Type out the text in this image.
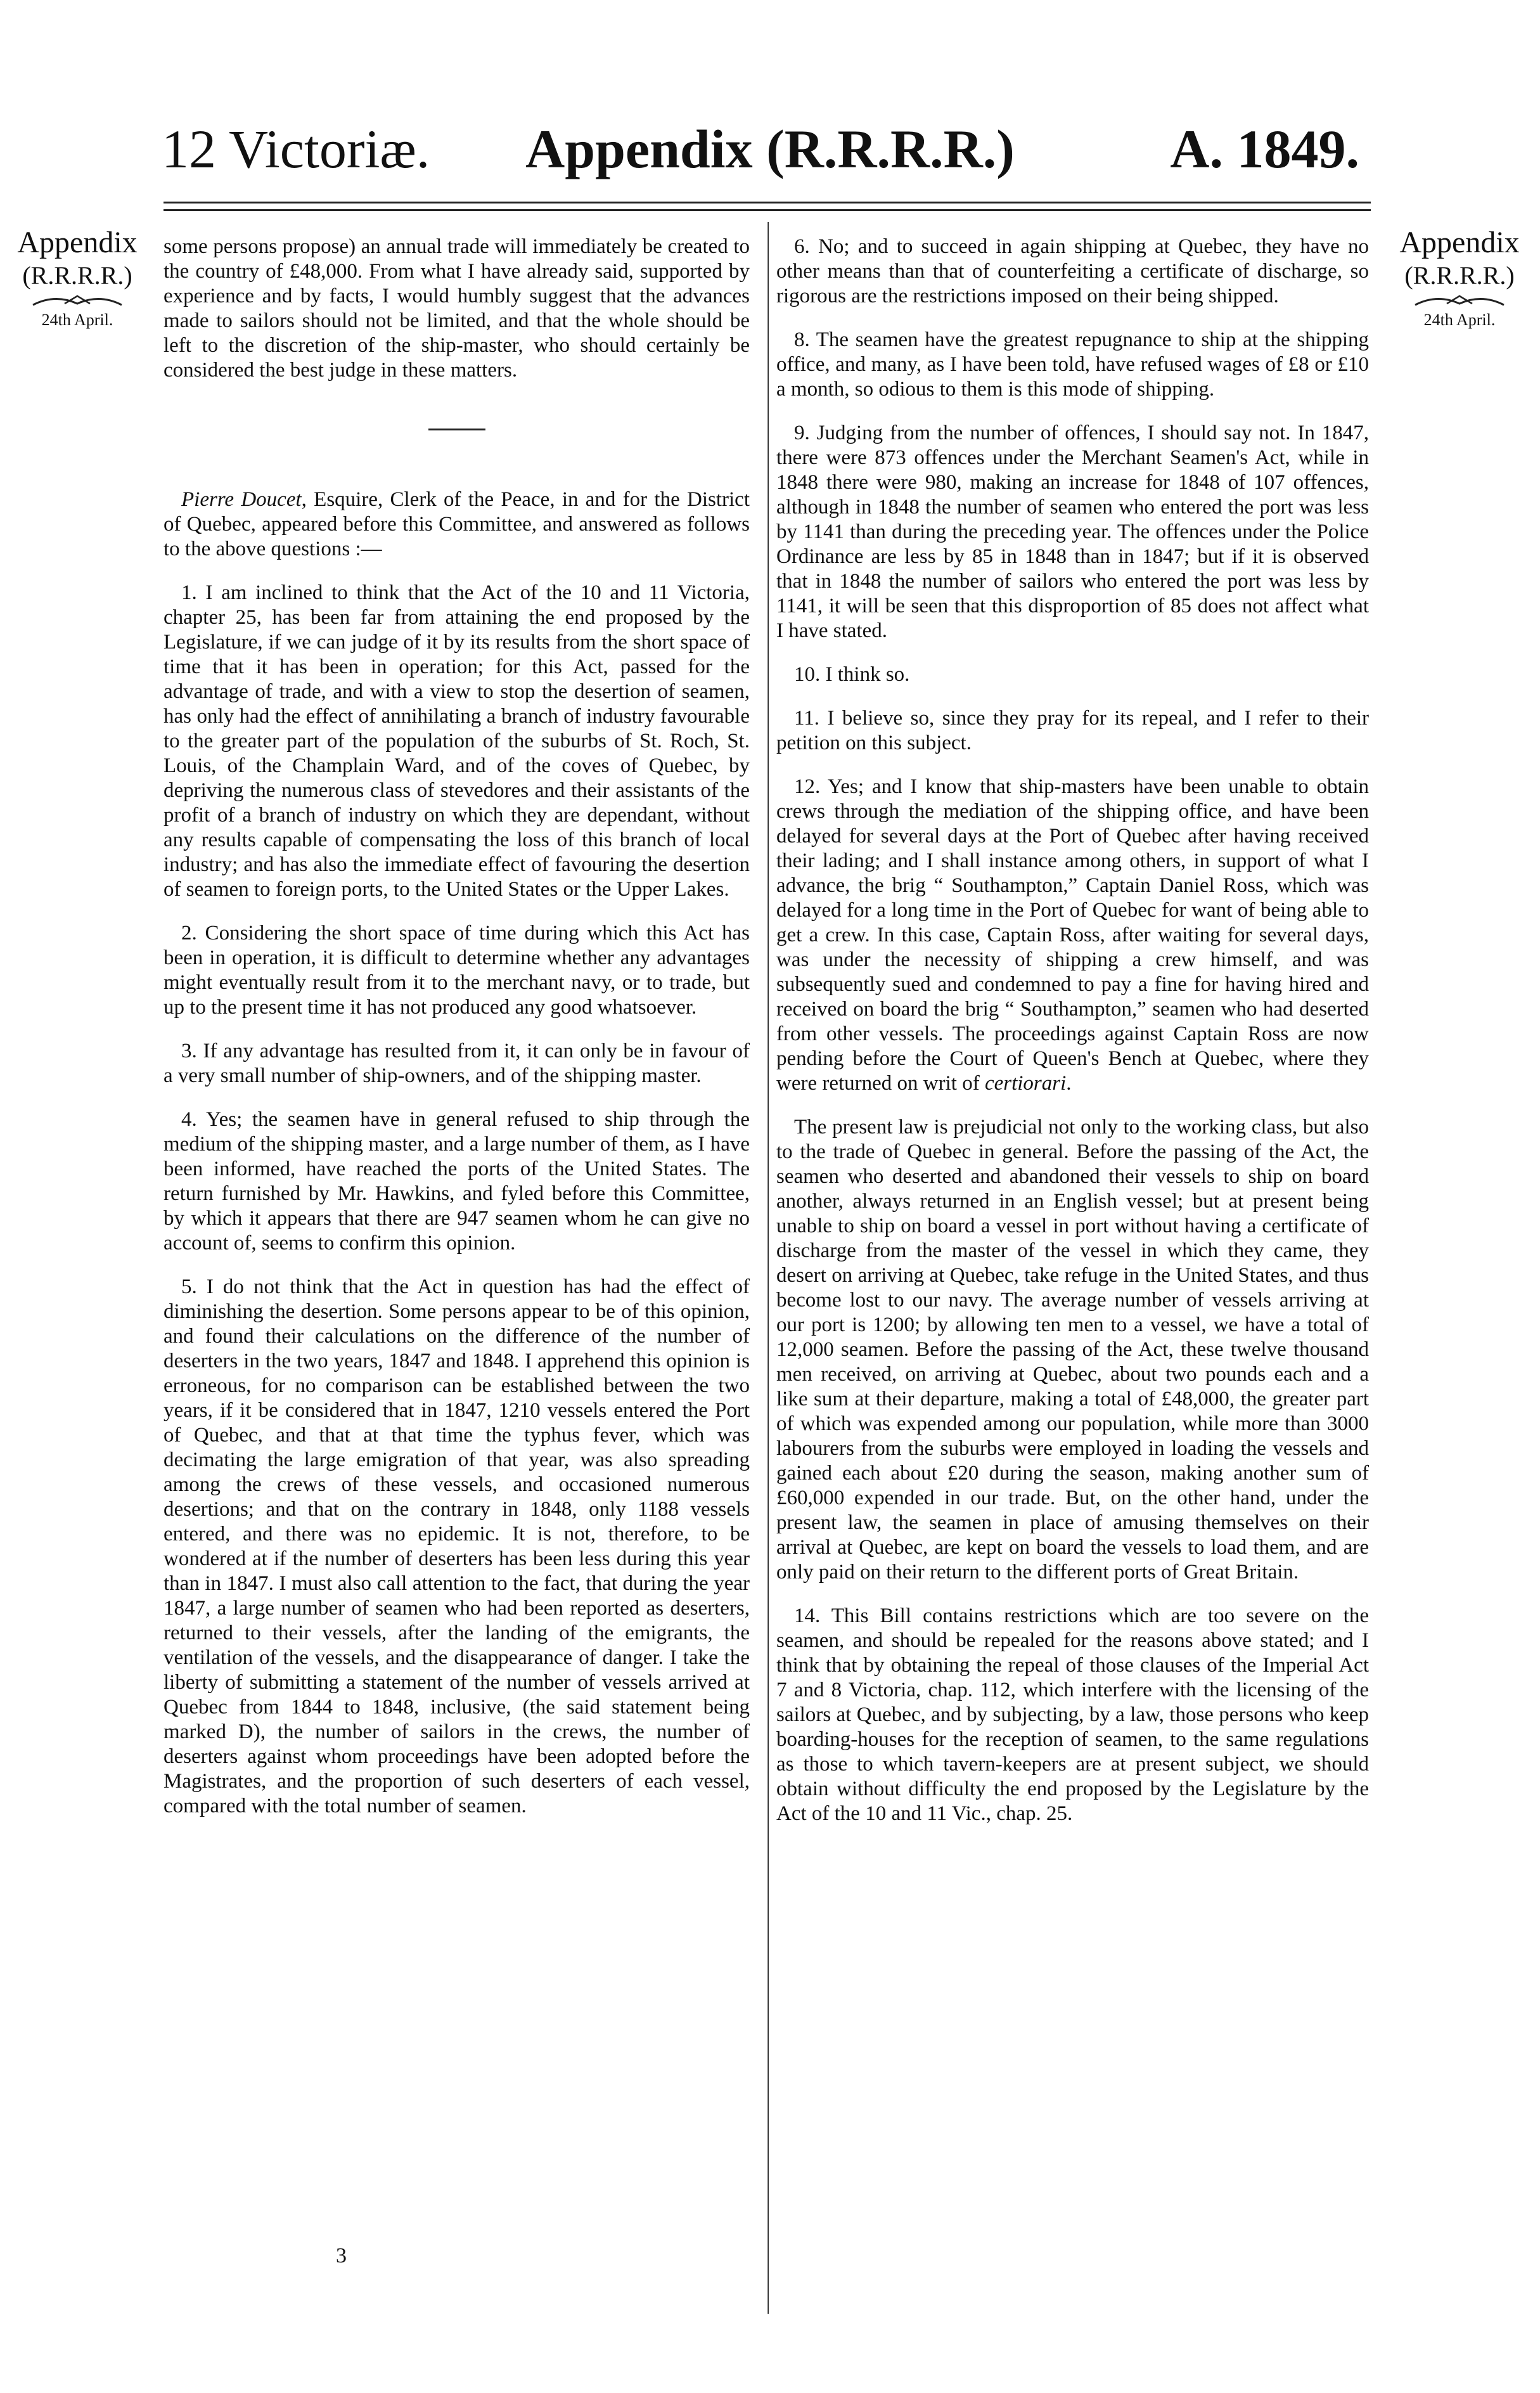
12 Victoriæ.	Appendix (R.R.R.R.)	A. 1849.
Appendix
(R.R.R.R.)
24th April.
Appendix
(R.R.R.R.)
24th April.

some persons propose) an annual trade will immediately be created to the country of £48,000. From what I have already said, supported by experience and by facts, I would humbly suggest that the advances made to sailors should not be limited, and that the whole should be left to the discretion of the ship-master, who should certainly be considered the best judge in these matters.

Pierre Doucet, Esquire, Clerk of the Peace, in and for the District of Quebec, appeared before this Committee, and answered as follows to the above questions :—

1. I am inclined to think that the Act of the 10 and 11 Victoria, chapter 25, has been far from attaining the end proposed by the Legislature, if we can judge of it by its results from the short space of time that it has been in operation; for this Act, passed for the advantage of trade, and with a view to stop the desertion of seamen, has only had the effect of annihilating a branch of industry favourable to the greater part of the population of the suburbs of St. Roch, St. Louis, of the Champlain Ward, and of the coves of Quebec, by depriving the numerous class of stevedores and their assistants of the profit of a branch of industry on which they are dependant, without any results capable of compensating the loss of this branch of local industry; and has also the immediate effect of favouring the desertion of seamen to foreign ports, to the United States or the Upper Lakes.

2. Considering the short space of time during which this Act has been in operation, it is difficult to determine whether any advantages might eventually result from it to the merchant navy, or to trade, but up to the present time it has not produced any good whatsoever.

3. If any advantage has resulted from it, it can only be in favour of a very small number of ship-owners, and of the shipping master.

4. Yes; the seamen have in general refused to ship through the medium of the shipping master, and a large number of them, as I have been informed, have reached the ports of the United States. The return furnished by Mr. Hawkins, and fyled before this Committee, by which it appears that there are 947 seamen whom he can give no account of, seems to confirm this opinion.

5. I do not think that the Act in question has had the effect of diminishing the desertion. Some persons appear to be of this opinion, and found their calculations on the difference of the number of deserters in the two years, 1847 and 1848. I apprehend this opinion is erroneous, for no comparison can be established between the two years, if it be considered that in 1847, 1210 vessels entered the Port of Quebec, and that at that time the typhus fever, which was decimating the large emigration of that year, was also spreading among the crews of these vessels, and occasioned numerous desertions; and that on the contrary in 1848, only 1188 vessels entered, and there was no epidemic. It is not, therefore, to be wondered at if the number of deserters has been less during this year than in 1847. I must also call attention to the fact, that during the year 1847, a large number of seamen who had been reported as deserters, returned to their vessels, after the landing of the emigrants, the ventilation of the vessels, and the disappearance of danger. I take the liberty of submitting a statement of the number of vessels arrived at Quebec from 1844 to 1848, inclusive, (the said statement being marked D), the number of sailors in the crews, the number of deserters against whom proceedings have been adopted before the Magistrates, and the proportion of such deserters of each vessel, compared with the total number of seamen.

6. No; and to succeed in again shipping at Quebec, they have no other means than that of counterfeiting a certificate of discharge, so rigorous are the restrictions imposed on their being shipped.

8. The seamen have the greatest repugnance to ship at the shipping office, and many, as I have been told, have refused wages of £8 or £10 a month, so odious to them is this mode of shipping.

9. Judging from the number of offences, I should say not. In 1847, there were 873 offences under the Merchant Seamen's Act, while in 1848 there were 980, making an increase for 1848 of 107 offences, although in 1848 the number of seamen who entered the port was less by 1141 than during the preceding year. The offences under the Police Ordinance are less by 85 in 1848 than in 1847; but if it is observed that in 1848 the number of sailors who entered the port was less by 1141, it will be seen that this disproportion of 85 does not affect what I have stated.

10. I think so.

11. I believe so, since they pray for its repeal, and I refer to their petition on this subject.

12. Yes; and I know that ship-masters have been unable to obtain crews through the mediation of the shipping office, and have been delayed for several days at the Port of Quebec after having received their lading; and I shall instance among others, in support of what I advance, the brig “ Southampton,” Captain Daniel Ross, which was delayed for a long time in the Port of Quebec for want of being able to get a crew. In this case, Captain Ross, after waiting for several days, was under the necessity of shipping a crew himself, and was subsequently sued and condemned to pay a fine for having hired and received on board the brig “ Southampton,” seamen who had deserted from other vessels. The proceedings against Captain Ross are now pending before the Court of Queen's Bench at Quebec, where they were returned on writ of certiorari.

The present law is prejudicial not only to the working class, but also to the trade of Quebec in general. Before the passing of the Act, the seamen who deserted and abandoned their vessels to ship on board another, always returned in an English vessel; but at present being unable to ship on board a vessel in port without having a certificate of discharge from the master of the vessel in which they came, they desert on arriving at Quebec, take refuge in the United States, and thus become lost to our navy. The average number of vessels arriving at our port is 1200; by allowing ten men to a vessel, we have a total of 12,000 seamen. Before the passing of the Act, these twelve thousand men received, on arriving at Quebec, about two pounds each and a like sum at their departure, making a total of £48,000, the greater part of which was expended among our population, while more than 3000 labourers from the suburbs were employed in loading the vessels and gained each about £20 during the season, making another sum of £60,000 expended in our trade. But, on the other hand, under the present law, the seamen in place of amusing themselves on their arrival at Quebec, are kept on board the vessels to load them, and are only paid on their return to the different ports of Great Britain.

14. This Bill contains restrictions which are too severe on the seamen, and should be repealed for the reasons above stated; and I think that by obtaining the repeal of those clauses of the Imperial Act 7 and 8 Victoria, chap. 112, which interfere with the licensing of the sailors at Quebec, and by subjecting, by a law, those persons who keep boarding-houses for the reception of seamen, to the same regulations as those to which tavern-keepers are at present subject, we should obtain without difficulty the end proposed by the Legislature by the Act of the 10 and 11 Vic., chap. 25.

3
